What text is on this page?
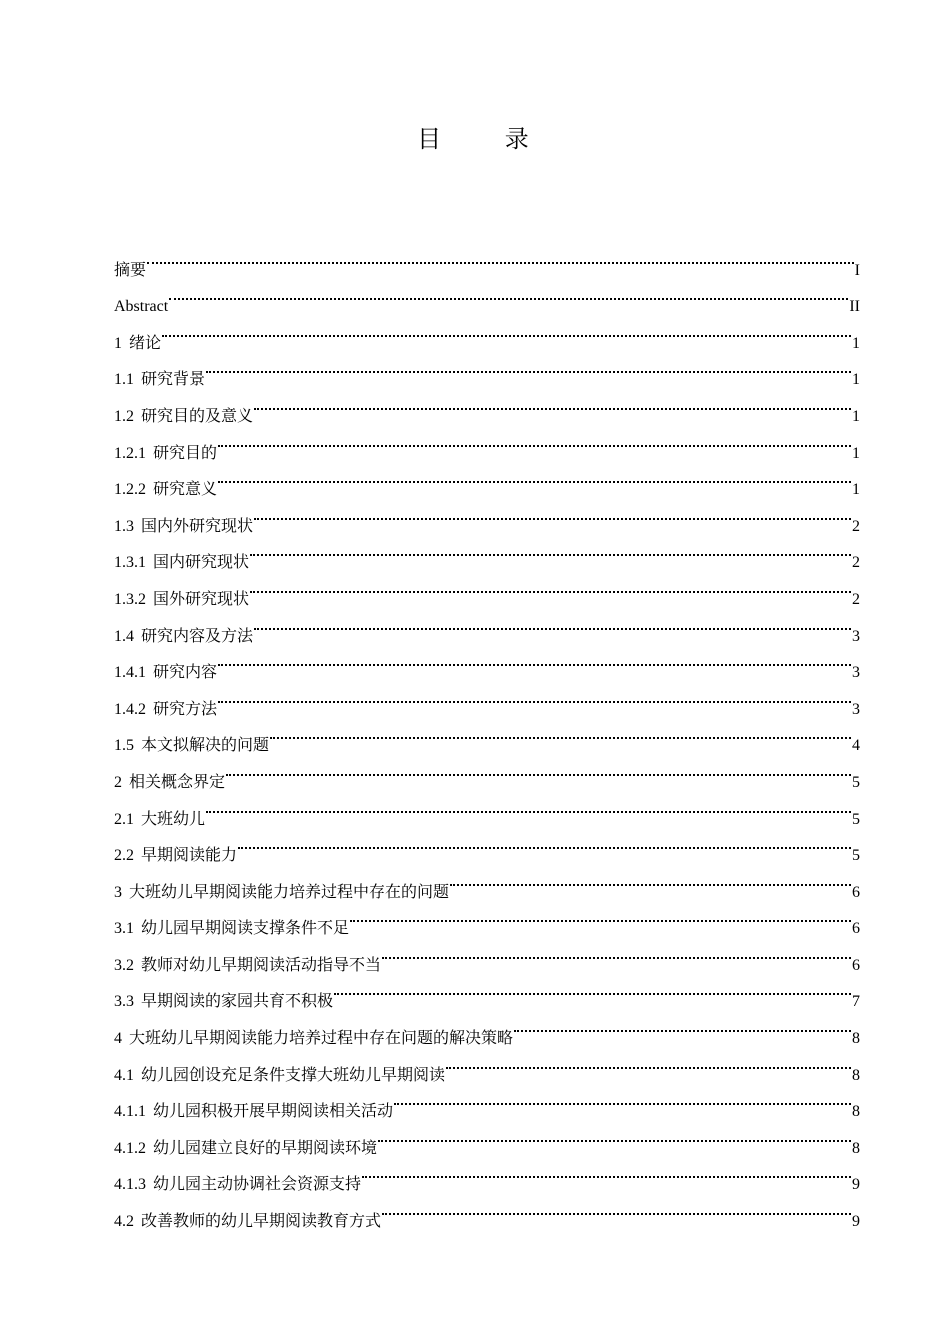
目 录
摘要	I
Abstract	II
1 绪论	1
1.1 研究背景	1
1.2 研究目的及意义	1
1.2.1 研究目的	1
1.2.2 研究意义	1
1.3 国内外研究现状	2
1.3.1 国内研究现状	2
1.3.2 国外研究现状	2
1.4 研究内容及方法	3
1.4.1 研究内容	3
1.4.2 研究方法	3
1.5 本文拟解决的问题	4
2 相关概念界定	5
2.1 大班幼儿	5
2.2 早期阅读能力	5
3 大班幼儿早期阅读能力培养过程中存在的问题	6
3.1 幼儿园早期阅读支撑条件不足	6
3.2 教师对幼儿早期阅读活动指导不当	6
3.3 早期阅读的家园共育不积极	7
4 大班幼儿早期阅读能力培养过程中存在问题的解决策略	8
4.1 幼儿园创设充足条件支撑大班幼儿早期阅读	8
4.1.1 幼儿园积极开展早期阅读相关活动	8
4.1.2 幼儿园建立良好的早期阅读环境	8
4.1.3 幼儿园主动协调社会资源支持	9
4.2 改善教师的幼儿早期阅读教育方式	9
